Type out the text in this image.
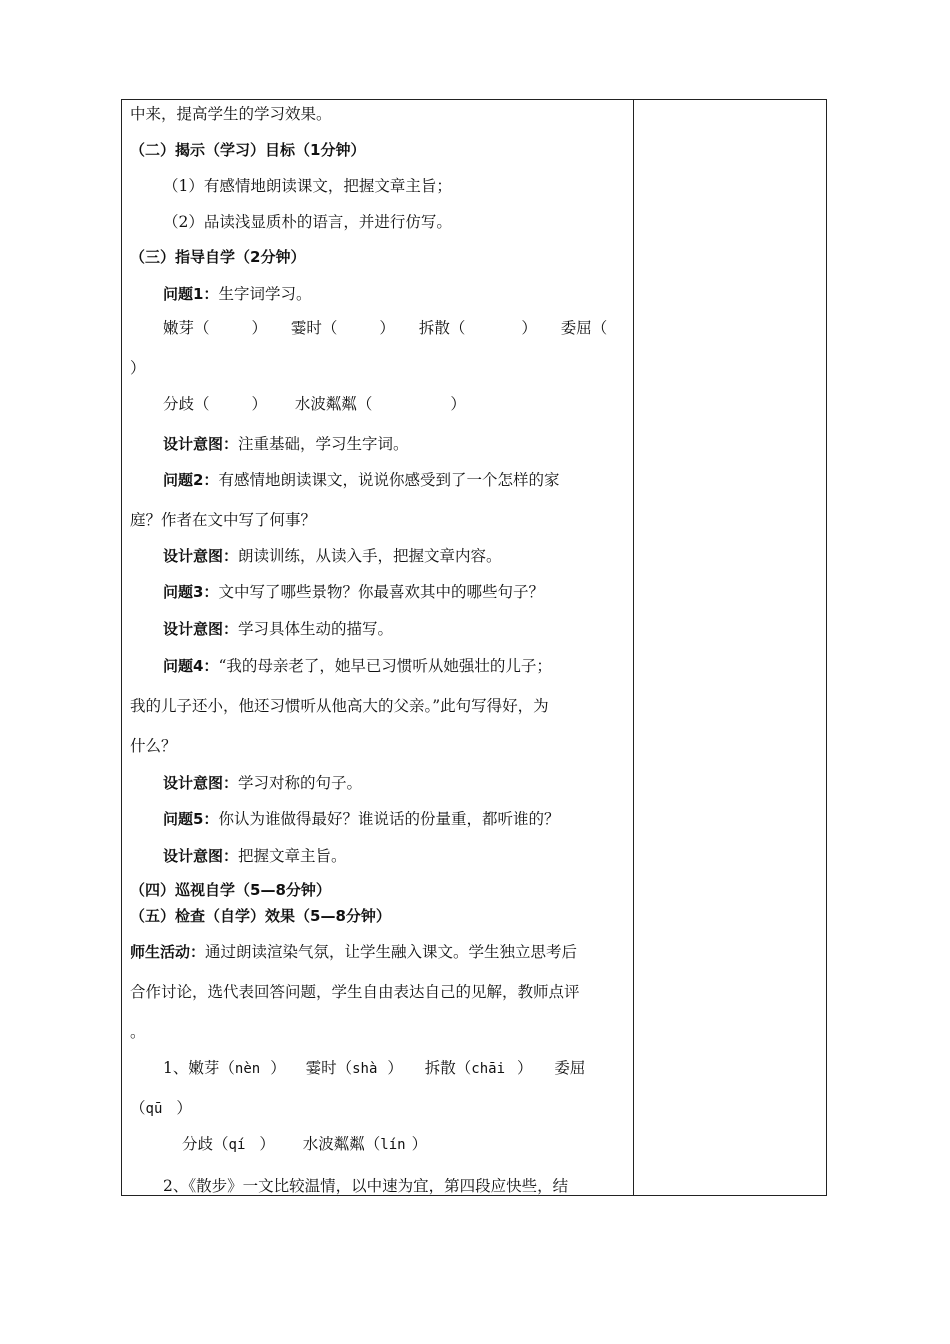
中来，提高学生的学习效果。
（二）揭示（学习）目标（1分钟）
（1）有感情地朗读课文，把握文章主旨；
（2）品读浅显质朴的语言，并进行仿写。
（三）指导自学（2分钟）
问题1：生字词学习。
嫩芽（	） 霎时（	） 拆散（	） 委屈（
）
分歧（	） 水波粼粼（	）
设计意图：注重基础，学习生字词。
问题2：有感情地朗读课文，说说你感受到了一个怎样的家
庭？作者在文中写了何事？
设计意图：朗读训练，从读入手，把握文章内容。
问题3：文中写了哪些景物？你最喜欢其中的哪些句子？
设计意图：学习具体生动的描写。
问题4：“我的母亲老了，她早已习惯听从她强壮的儿子；
我的儿子还小，他还习惯听从他高大的父亲。”此句写得好，为
什么？
设计意图：学习对称的句子。
问题5：你认为谁做得最好？谁说话的份量重，都听谁的？
设计意图：把握文章主旨。
（四）巡视自学（5—8分钟）
（五）检查（自学）效果（5—8分钟）
师生活动：通过朗读渲染气氛，让学生融入课文。学生独立思考后
合作讨论，选代表回答问题，学生自由表达自己的见解，教师点评
。
1、嫩芽（nèn ） 霎时（shà ） 拆散（chāi ） 委屈
（qū ）
分歧（qí ） 水波粼粼（lín ）
2、《散步》一文比较温情，以中速为宜，第四段应快些，结
